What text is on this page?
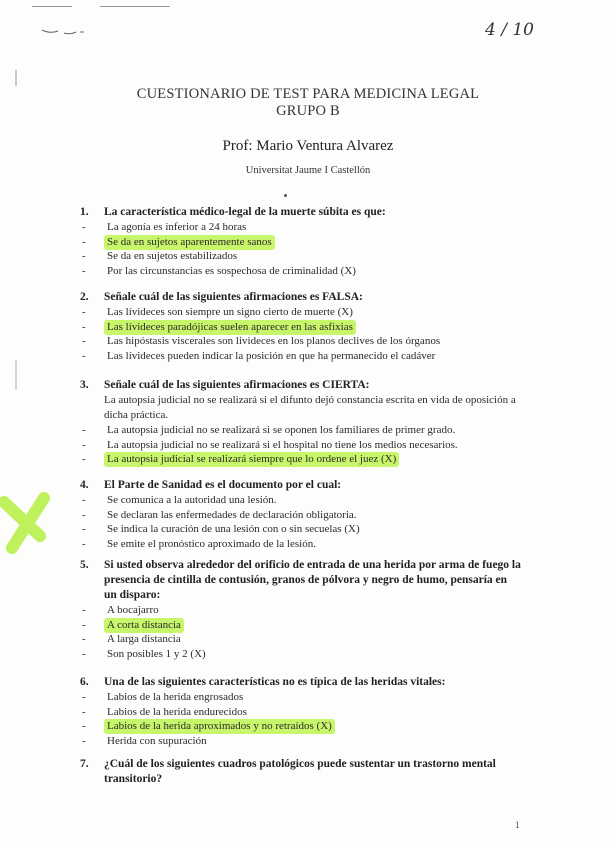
4 / 10
CUESTIONARIO DE TEST PARA MEDICINA LEGAL
GRUPO B
Prof: Mario Ventura Alvarez
Universitat Jaume I Castellón
1. La característica médico-legal de la muerte súbita es que:
- La agonía es inferior a 24 horas
- Se da en sujetos aparentemente sanos
- Se da en sujetos estabilizados
- Por las circunstancias es sospechosa de criminalidad (X)
2. Señale cuál de las siguientes afirmaciones es FALSA:
- Las lívideces son siempre un signo cierto de muerte (X)
- Las lívideces paradójicas suelen aparecer en las asfixias
- Las hipóstasis viscerales son livideces en los planos declives de los órganos
- Las lívideces pueden indicar la posición en que ha permanecido el cadáver
3. Señale cuál de las siguientes afirmaciones es CIERTA:
La autopsia judicial no se realizará si el difunto dejó constancia escrita en vida de oposición a dicha práctica.
- La autopsia judicial no se realizará si se oponen los familiares de primer grado.
- La autopsia judicial no se realizará si el hospital no tiene los medios necesarios.
- La autopsia judicial se realizará siempre que lo ordene el juez (X)
4. El Parte de Sanidad es el documento por el cual:
- Se comunica a la autoridad una lesión.
- Se declaran las enfermedades de declaración obligatoria.
- Se indica la curación de una lesión con o sin secuelas (X)
- Se emite el pronóstico aproximado de la lesión.
5. Si usted observa alrededor del orificio de entrada de una herida por arma de fuego la presencia de cintilla de contusión, granos de pólvora y negro de humo, pensaría en un disparo:
- A bocajarro
- A corta distancia
- A larga distancia
- Son posibles 1 y 2 (X)
6. Una de las siguientes características no es típica de las heridas vitales:
- Labios de la herida engrosados
- Labios de la herida endurecidos
- Labios de la herida aproximados y no retraídos (X)
- Herida con supuración
7. ¿Cuál de los siguientes cuadros patológicos puede sustentar un trastorno mental transitorio?
1
